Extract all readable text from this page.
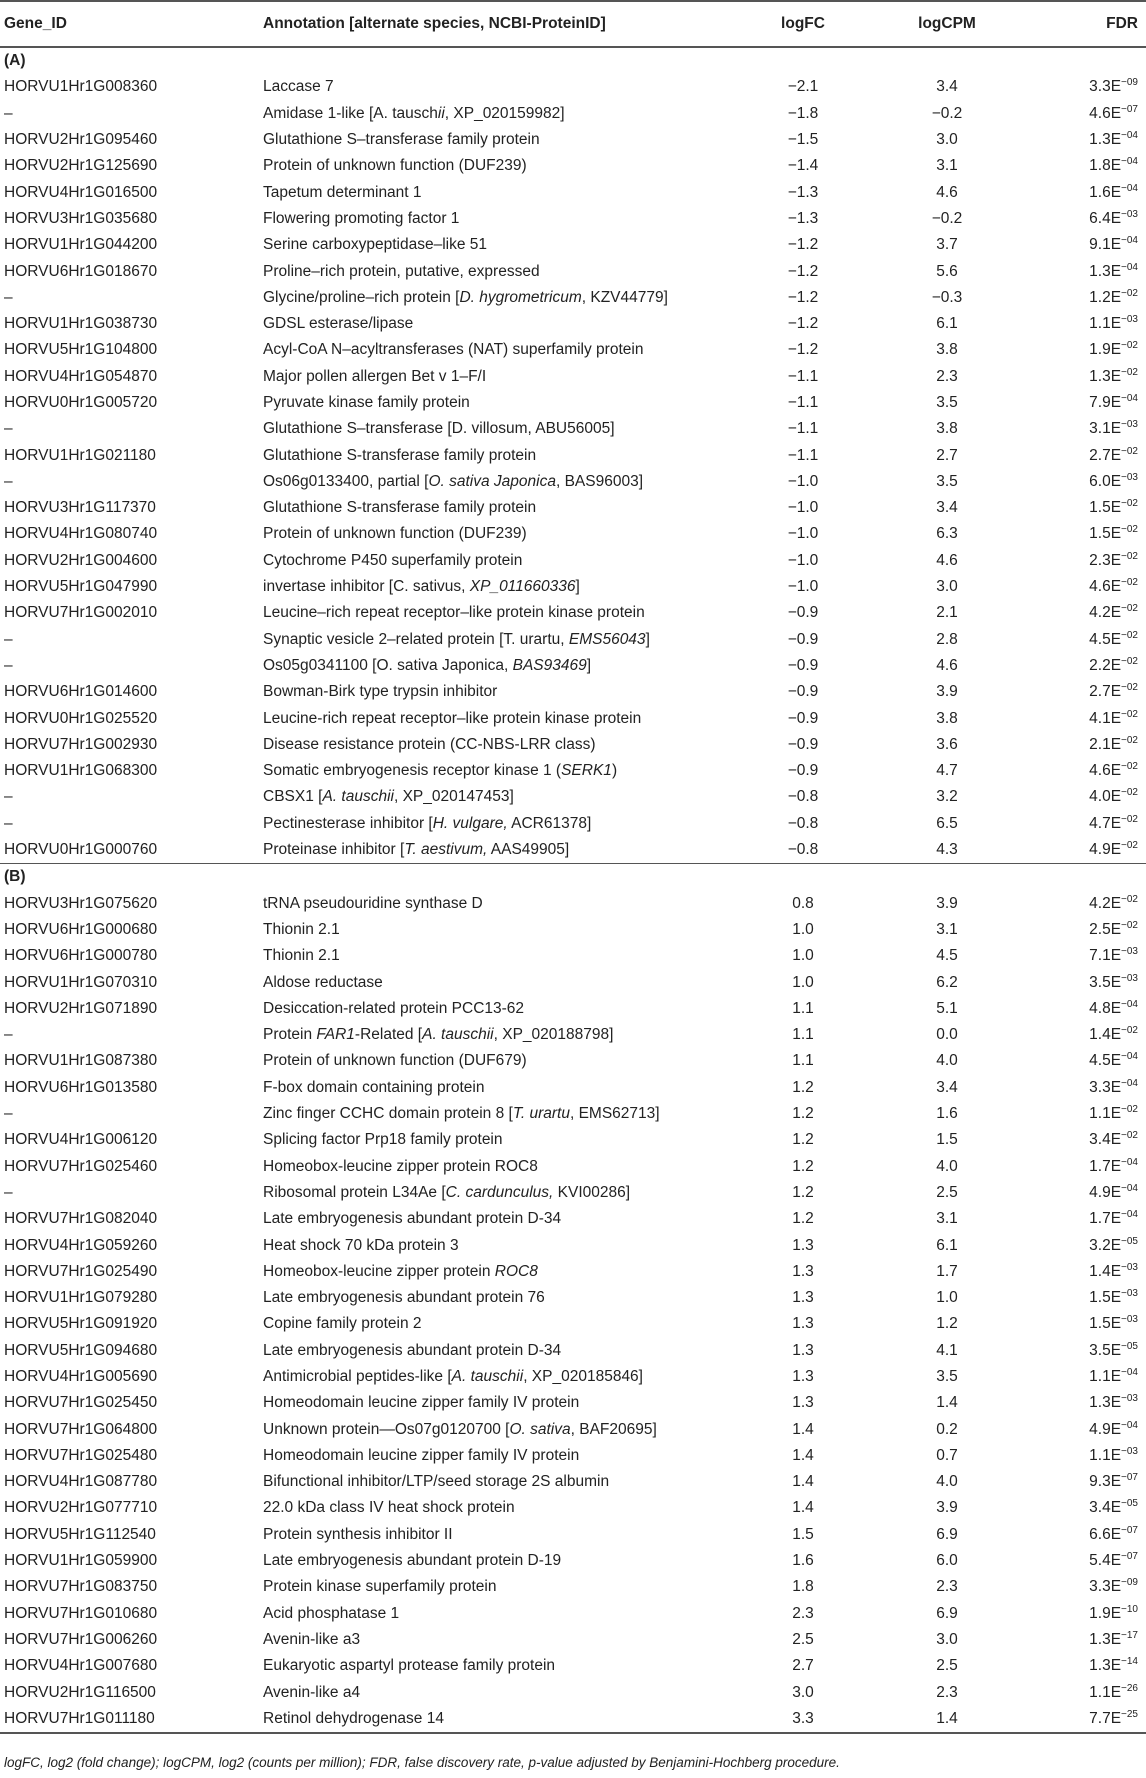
Gene_ID	Annotation [alternate species, NCBI-ProteinID]	logFC	logCPM	FDR
(A)				
HORVU1Hr1G008360	Laccase 7	−2.1	3.4	$3.3E^{-09}$
–	Amidase 1-like [A. tauschii, XP_020159982]	−1.8	−0.2	$4.6E^{-07}$
HORVU2Hr1G095460	Glutathione S–transferase family protein	−1.5	3.0	$1.3E^{-04}$
HORVU2Hr1G125690	Protein of unknown function (DUF239)	−1.4	3.1	$1.8E^{-04}$
HORVU4Hr1G016500	Tapetum determinant 1	−1.3	4.6	$1.6E^{-04}$
HORVU3Hr1G035680	Flowering promoting factor 1	−1.3	−0.2	$6.4E^{-03}$
HORVU1Hr1G044200	Serine carboxypeptidase–like 51	−1.2	3.7	$9.1E^{-04}$
HORVU6Hr1G018670	Proline–rich protein, putative, expressed	−1.2	5.6	$1.3E^{-04}$
–	Glycine/proline–rich protein [D. hygrometricum, KZV44779]	−1.2	−0.3	$1.2E^{-02}$
HORVU1Hr1G038730	GDSL esterase/lipase	−1.2	6.1	$1.1E^{-03}$
HORVU5Hr1G104800	Acyl-CoA N–acyltransferases (NAT) superfamily protein	−1.2	3.8	$1.9E^{-02}$
HORVU4Hr1G054870	Major pollen allergen Bet v 1–F/I	−1.1	2.3	$1.3E^{-02}$
HORVU0Hr1G005720	Pyruvate kinase family protein	−1.1	3.5	$7.9E^{-04}$
–	Glutathione S–transferase [D. villosum, ABU56005]	−1.1	3.8	$3.1E^{-03}$
HORVU1Hr1G021180	Glutathione S-transferase family protein	−1.1	2.7	$2.7E^{-02}$
–	Os06g0133400, partial [O. sativa Japonica, BAS96003]	−1.0	3.5	$6.0E^{-03}$
HORVU3Hr1G117370	Glutathione S-transferase family protein	−1.0	3.4	$1.5E^{-02}$
HORVU4Hr1G080740	Protein of unknown function (DUF239)	−1.0	6.3	$1.5E^{-02}$
HORVU2Hr1G004600	Cytochrome P450 superfamily protein	−1.0	4.6	$2.3E^{-02}$
HORVU5Hr1G047990	invertase inhibitor [C. sativus, XP_011660336]	−1.0	3.0	$4.6E^{-02}$
HORVU7Hr1G002010	Leucine–rich repeat receptor–like protein kinase protein	−0.9	2.1	$4.2E^{-02}$
–	Synaptic vesicle 2–related protein [T. urartu, EMS56043]	−0.9	2.8	$4.5E^{-02}$
–	Os05g0341100 [O. sativa Japonica, BAS93469]	−0.9	4.6	$2.2E^{-02}$
HORVU6Hr1G014600	Bowman-Birk type trypsin inhibitor	−0.9	3.9	$2.7E^{-02}$
HORVU0Hr1G025520	Leucine-rich repeat receptor–like protein kinase protein	−0.9	3.8	$4.1E^{-02}$
HORVU7Hr1G002930	Disease resistance protein (CC-NBS-LRR class)	−0.9	3.6	$2.1E^{-02}$
HORVU1Hr1G068300	Somatic embryogenesis receptor kinase 1 (SERK1)	−0.9	4.7	$4.6E^{-02}$
–	CBSX1 [A. tauschii, XP_020147453]	−0.8	3.2	$4.0E^{-02}$
–	Pectinesterase inhibitor [H. vulgare, ACR61378]	−0.8	6.5	$4.7E^{-02}$
HORVU0Hr1G000760	Proteinase inhibitor [T. aestivum, AAS49905]	−0.8	4.3	$4.9E^{-02}$
(B)				
HORVU3Hr1G075620	tRNA pseudouridine synthase D	0.8	3.9	$4.2E^{-02}$
HORVU6Hr1G000680	Thionin 2.1	1.0	3.1	$2.5E^{-02}$
HORVU6Hr1G000780	Thionin 2.1	1.0	4.5	$7.1E^{-03}$
HORVU1Hr1G070310	Aldose reductase	1.0	6.2	$3.5E^{-03}$
HORVU2Hr1G071890	Desiccation-related protein PCC13-62	1.1	5.1	$4.8E^{-04}$
–	Protein FAR1-Related [A. tauschii, XP_020188798]	1.1	0.0	$1.4E^{-02}$
HORVU1Hr1G087380	Protein of unknown function (DUF679)	1.1	4.0	$4.5E^{-04}$
HORVU6Hr1G013580	F-box domain containing protein	1.2	3.4	$3.3E^{-04}$
–	Zinc finger CCHC domain protein 8 [T. urartu, EMS62713]	1.2	1.6	$1.1E^{-02}$
HORVU4Hr1G006120	Splicing factor Prp18 family protein	1.2	1.5	$3.4E^{-02}$
HORVU7Hr1G025460	Homeobox-leucine zipper protein ROC8	1.2	4.0	$1.7E^{-04}$
–	Ribosomal protein L34Ae [C. cardunculus, KVI00286]	1.2	2.5	$4.9E^{-04}$
HORVU7Hr1G082040	Late embryogenesis abundant protein D-34	1.2	3.1	$1.7E^{-04}$
HORVU4Hr1G059260	Heat shock 70 kDa protein 3	1.3	6.1	$3.2E^{-05}$
HORVU7Hr1G025490	Homeobox-leucine zipper protein ROC8	1.3	1.7	$1.4E^{-03}$
HORVU1Hr1G079280	Late embryogenesis abundant protein 76	1.3	1.0	$1.5E^{-03}$
HORVU5Hr1G091920	Copine family protein 2	1.3	1.2	$1.5E^{-03}$
HORVU5Hr1G094680	Late embryogenesis abundant protein D-34	1.3	4.1	$3.5E^{-05}$
HORVU4Hr1G005690	Antimicrobial peptides-like [A. tauschii, XP_020185846]	1.3	3.5	$1.1E^{-04}$
HORVU7Hr1G025450	Homeodomain leucine zipper family IV protein	1.3	1.4	$1.3E^{-03}$
HORVU7Hr1G064800	Unknown protein—Os07g0120700 [O. sativa, BAF20695]	1.4	0.2	$4.9E^{-04}$
HORVU7Hr1G025480	Homeodomain leucine zipper family IV protein	1.4	0.7	$1.1E^{-03}$
HORVU4Hr1G087780	Bifunctional inhibitor/LTP/seed storage 2S albumin	1.4	4.0	$9.3E^{-07}$
HORVU2Hr1G077710	22.0 kDa class IV heat shock protein	1.4	3.9	$3.4E^{-05}$
HORVU5Hr1G112540	Protein synthesis inhibitor II	1.5	6.9	$6.6E^{-07}$
HORVU1Hr1G059900	Late embryogenesis abundant protein D-19	1.6	6.0	$5.4E^{-07}$
HORVU7Hr1G083750	Protein kinase superfamily protein	1.8	2.3	$3.3E^{-09}$
HORVU7Hr1G010680	Acid phosphatase 1	2.3	6.9	$1.9E^{-10}$
HORVU7Hr1G006260	Avenin-like a3	2.5	3.0	$1.3E^{-17}$
HORVU4Hr1G007680	Eukaryotic aspartyl protease family protein	2.7	2.5	$1.3E^{-14}$
HORVU2Hr1G116500	Avenin-like a4	3.0	2.3	$1.1E^{-26}$
HORVU7Hr1G011180	Retinol dehydrogenase 14	3.3	1.4	$7.7E^{-25}$
logFC, log2 (fold change); logCPM, log2 (counts per million); FDR, false discovery rate, p-value adjusted by Benjamini-Hochberg procedure.
